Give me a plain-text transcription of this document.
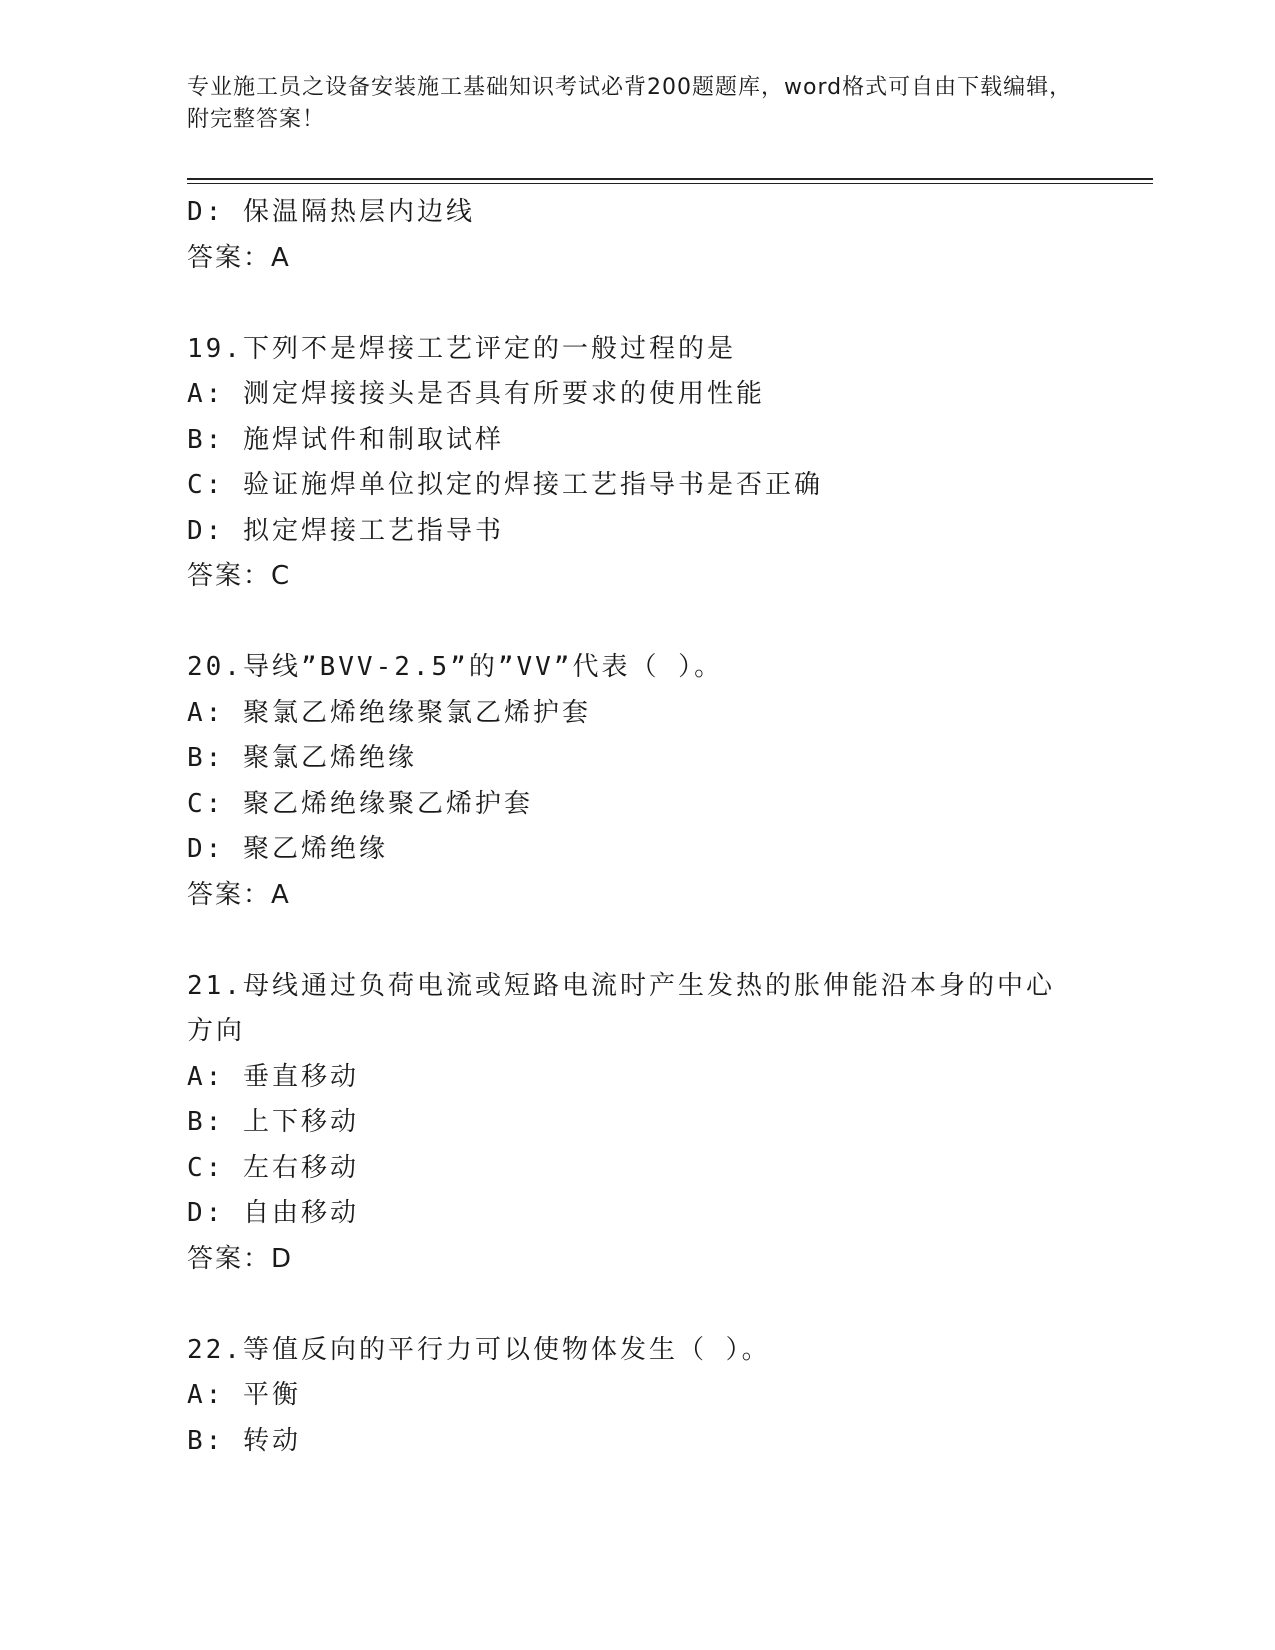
专业施工员之设备安装施工基础知识考试必背200题题库，word格式可自由下载编辑，附完整答案！
D: 保温隔热层内边线
答案：A
19.下列不是焊接工艺评定的一般过程的是
A: 测定焊接接头是否具有所要求的使用性能
B: 施焊试件和制取试样
C: 验证施焊单位拟定的焊接工艺指导书是否正确
D: 拟定焊接工艺指导书
答案：C
20.导线”BVV-2.5”的”VV”代表（ ）。
A: 聚氯乙烯绝缘聚氯乙烯护套
B: 聚氯乙烯绝缘
C: 聚乙烯绝缘聚乙烯护套
D: 聚乙烯绝缘
答案：A
21.母线通过负荷电流或短路电流时产生发热的胀伸能沿本身的中心方向
A: 垂直移动
B: 上下移动
C: 左右移动
D: 自由移动
答案：D
22.等值反向的平行力可以使物体发生（ ）。
A: 平衡
B: 转动
